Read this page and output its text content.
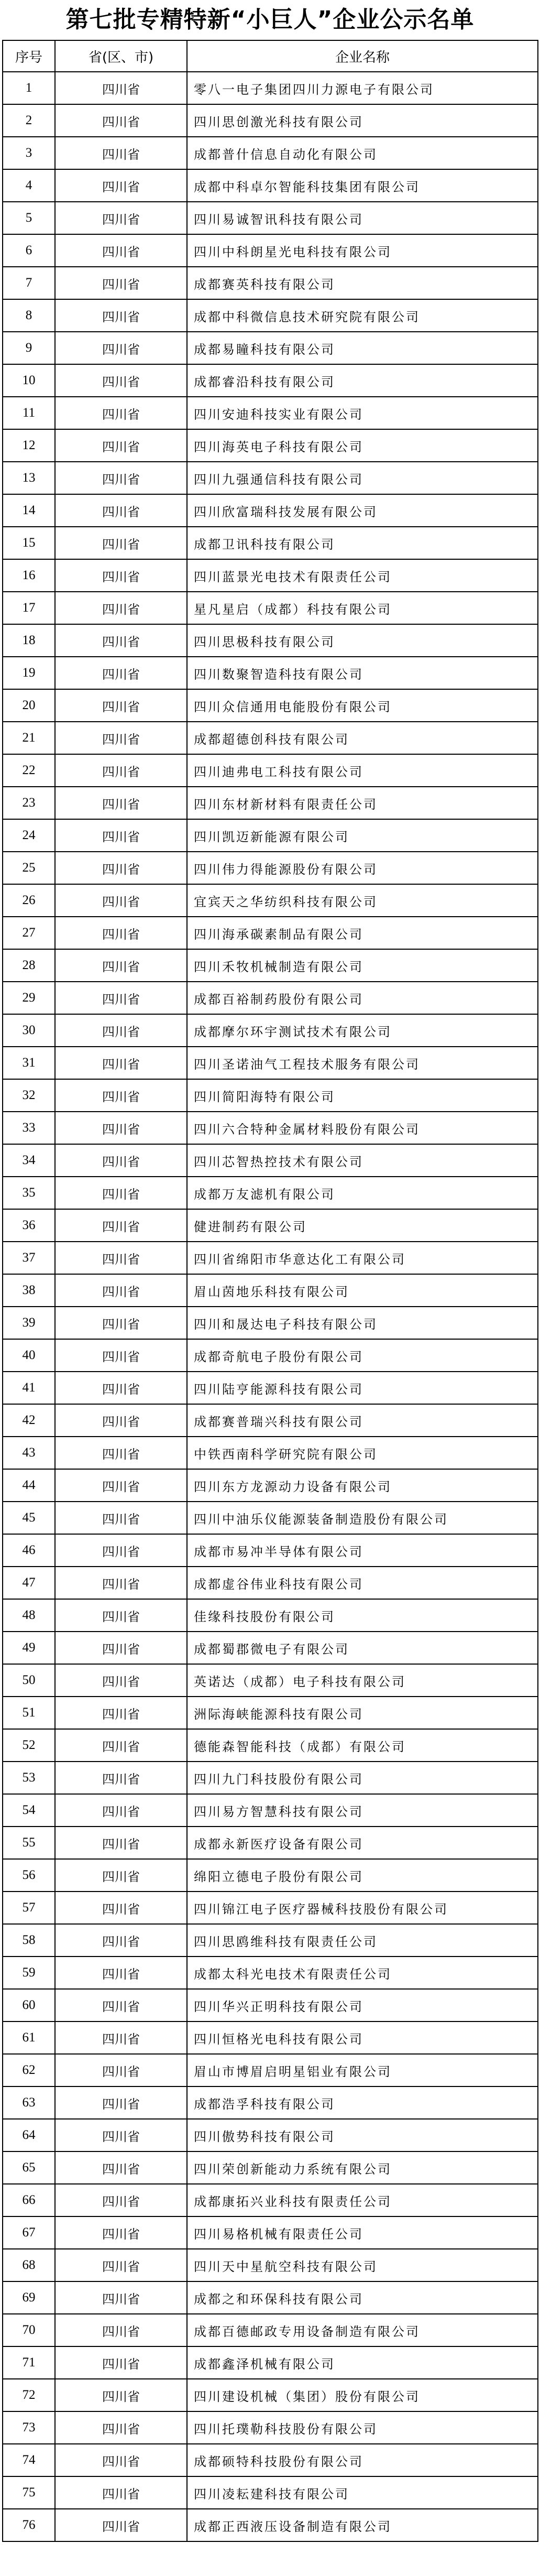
第七批专精特新“小巨人”企业公示名单
序号	省(区、市)	企业名称
1	四川省	零八一电子集团四川力源电子有限公司
2	四川省	四川思创激光科技有限公司
3	四川省	成都普什信息自动化有限公司
4	四川省	成都中科卓尔智能科技集团有限公司
5	四川省	四川易诚智讯科技有限公司
6	四川省	四川中科朗星光电科技有限公司
7	四川省	成都赛英科技有限公司
8	四川省	成都中科微信息技术研究院有限公司
9	四川省	成都易瞳科技有限公司
10	四川省	成都睿沿科技有限公司
11	四川省	四川安迪科技实业有限公司
12	四川省	四川海英电子科技有限公司
13	四川省	四川九强通信科技有限公司
14	四川省	四川欣富瑞科技发展有限公司
15	四川省	成都卫讯科技有限公司
16	四川省	四川蓝景光电技术有限责任公司
17	四川省	星凡星启（成都）科技有限公司
18	四川省	四川思极科技有限公司
19	四川省	四川数聚智造科技有限公司
20	四川省	四川众信通用电能股份有限公司
21	四川省	成都超德创科技有限公司
22	四川省	四川迪弗电工科技有限公司
23	四川省	四川东材新材料有限责任公司
24	四川省	四川凯迈新能源有限公司
25	四川省	四川伟力得能源股份有限公司
26	四川省	宜宾天之华纺织科技有限公司
27	四川省	四川海承碳素制品有限公司
28	四川省	四川禾牧机械制造有限公司
29	四川省	成都百裕制药股份有限公司
30	四川省	成都摩尔环宇测试技术有限公司
31	四川省	四川圣诺油气工程技术服务有限公司
32	四川省	四川简阳海特有限公司
33	四川省	四川六合特种金属材料股份有限公司
34	四川省	四川芯智热控技术有限公司
35	四川省	成都万友滤机有限公司
36	四川省	健进制药有限公司
37	四川省	四川省绵阳市华意达化工有限公司
38	四川省	眉山茵地乐科技有限公司
39	四川省	四川和晟达电子科技有限公司
40	四川省	成都奇航电子股份有限公司
41	四川省	四川陆亨能源科技有限公司
42	四川省	成都赛普瑞兴科技有限公司
43	四川省	中铁西南科学研究院有限公司
44	四川省	四川东方龙源动力设备有限公司
45	四川省	四川中油乐仪能源装备制造股份有限公司
46	四川省	成都市易冲半导体有限公司
47	四川省	成都虚谷伟业科技有限公司
48	四川省	佳缘科技股份有限公司
49	四川省	成都蜀郡微电子有限公司
50	四川省	英诺达（成都）电子科技有限公司
51	四川省	洲际海峡能源科技有限公司
52	四川省	德能森智能科技（成都）有限公司
53	四川省	四川九门科技股份有限公司
54	四川省	四川易方智慧科技有限公司
55	四川省	成都永新医疗设备有限公司
56	四川省	绵阳立德电子股份有限公司
57	四川省	四川锦江电子医疗器械科技股份有限公司
58	四川省	四川思鸥维科技有限责任公司
59	四川省	成都太科光电技术有限责任公司
60	四川省	四川华兴正明科技有限公司
61	四川省	四川恒格光电科技有限公司
62	四川省	眉山市博眉启明星铝业有限公司
63	四川省	成都浩孚科技有限公司
64	四川省	四川傲势科技有限公司
65	四川省	四川荣创新能动力系统有限公司
66	四川省	成都康拓兴业科技有限责任公司
67	四川省	四川易格机械有限责任公司
68	四川省	四川天中星航空科技有限公司
69	四川省	成都之和环保科技有限公司
70	四川省	成都百德邮政专用设备制造有限公司
71	四川省	成都鑫泽机械有限公司
72	四川省	四川建设机械（集团）股份有限公司
73	四川省	四川托璞勒科技股份有限公司
74	四川省	成都硕特科技股份有限公司
75	四川省	四川凌耘建科技有限公司
76	四川省	成都正西液压设备制造有限公司
